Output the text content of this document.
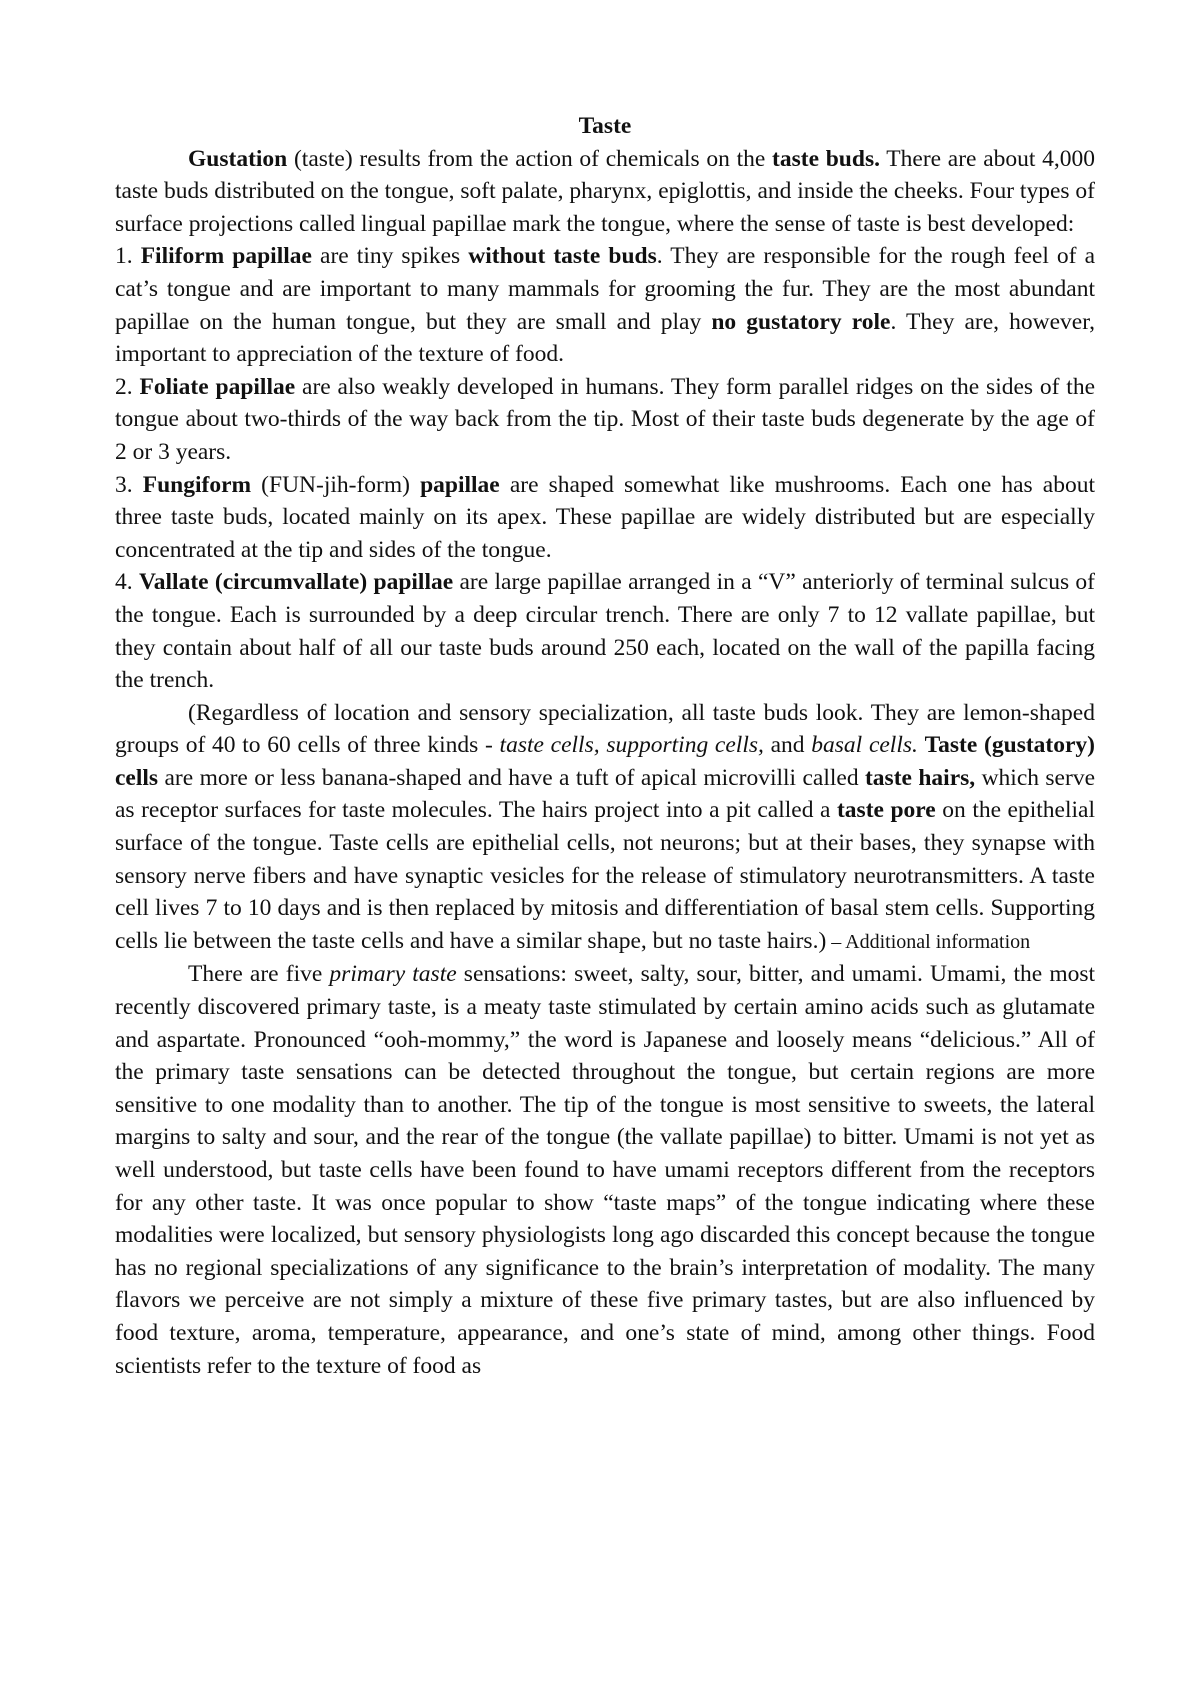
Taste

Gustation (taste) results from the action of chemicals on the taste buds. There are about 4,000 taste buds distributed on the tongue, soft palate, pharynx, epiglottis, and inside the cheeks. Four types of surface projections called lingual papillae mark the tongue, where the sense of taste is best developed:

1. Filiform papillae are tiny spikes without taste buds. They are responsible for the rough feel of a cat’s tongue and are important to many mammals for grooming the fur. They are the most abundant papillae on the human tongue, but they are small and play no gustatory role. They are, however, important to appreciation of the texture of food.

2. Foliate papillae are also weakly developed in humans. They form parallel ridges on the sides of the tongue about two-thirds of the way back from the tip. Most of their taste buds degenerate by the age of 2 or 3 years.

3. Fungiform (FUN-jih-form) papillae are shaped somewhat like mushrooms. Each one has about three taste buds, located mainly on its apex. These papillae are widely distributed but are especially concentrated at the tip and sides of the tongue.

4. Vallate (circumvallate) papillae are large papillae arranged in a “V” anteriorly of terminal sulcus of the tongue. Each is surrounded by a deep circular trench. There are only 7 to 12 vallate papillae, but they contain about half of all our taste buds around 250 each, located on the wall of the papilla facing the trench.

(Regardless of location and sensory specialization, all taste buds look. They are lemon-shaped groups of 40 to 60 cells of three kinds - taste cells, supporting cells, and basal cells. Taste (gustatory) cells are more or less banana-shaped and have a tuft of apical microvilli called taste hairs, which serve as receptor surfaces for taste molecules. The hairs project into a pit called a taste pore on the epithelial surface of the tongue. Taste cells are epithelial cells, not neurons; but at their bases, they synapse with sensory nerve fibers and have synaptic vesicles for the release of stimulatory neurotransmitters. A taste cell lives 7 to 10 days and is then replaced by mitosis and differentiation of basal stem cells. Supporting cells lie between the taste cells and have a similar shape, but no taste hairs.) – Additional information

There are five primary taste sensations: sweet, salty, sour, bitter, and umami. Umami, the most recently discovered primary taste, is a meaty taste stimulated by certain amino acids such as glutamate and aspartate. Pronounced “ooh-mommy,” the word is Japanese and loosely means “delicious.” All of the primary taste sensations can be detected throughout the tongue, but certain regions are more sensitive to one modality than to another. The tip of the tongue is most sensitive to sweets, the lateral margins to salty and sour, and the rear of the tongue (the vallate papillae) to bitter. Umami is not yet as well understood, but taste cells have been found to have umami receptors different from the receptors for any other taste. It was once popular to show “taste maps” of the tongue indicating where these modalities were localized, but sensory physiologists long ago discarded this concept because the tongue has no regional specializations of any significance to the brain’s interpretation of modality. The many flavors we perceive are not simply a mixture of these five primary tastes, but are also influenced by food texture, aroma, temperature, appearance, and one’s state of mind, among other things. Food scientists refer to the texture of food as
